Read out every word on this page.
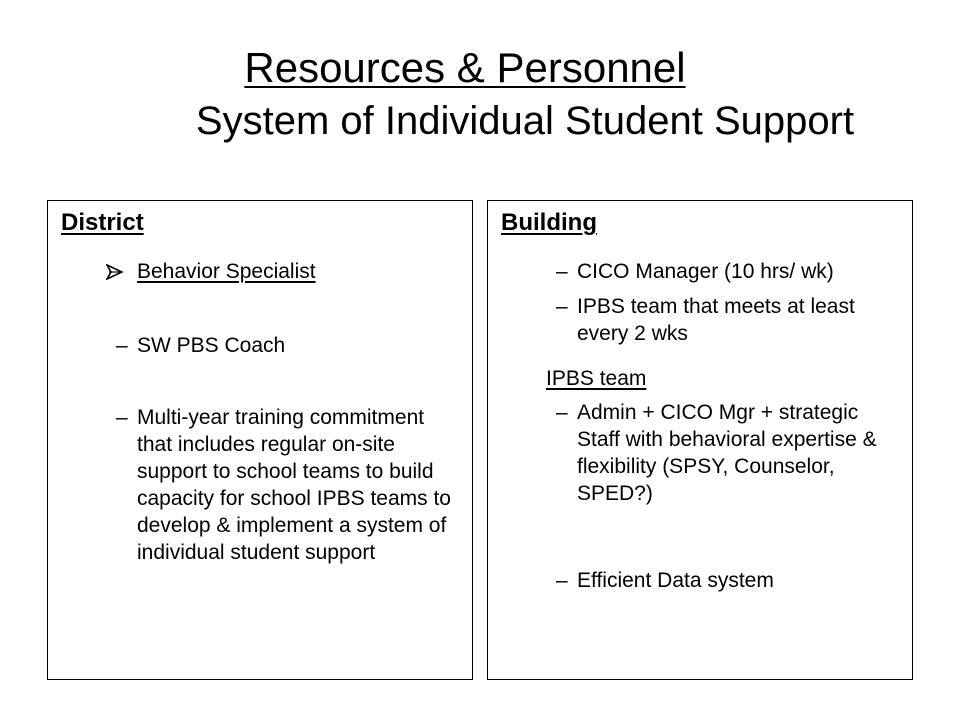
Resources & Personnel
System of Individual Student Support
District
Behavior Specialist
– SW PBS Coach
– Multi-year training commitment that includes regular on-site support to school teams to build capacity for school IPBS teams to develop & implement a system of individual student support
Building
– CICO Manager (10 hrs/ wk)
– IPBS team that meets at least every 2 wks
IPBS team
– Admin + CICO Mgr + strategic Staff with behavioral expertise & flexibility (SPSY, Counselor, SPED?)
– Efficient Data system
